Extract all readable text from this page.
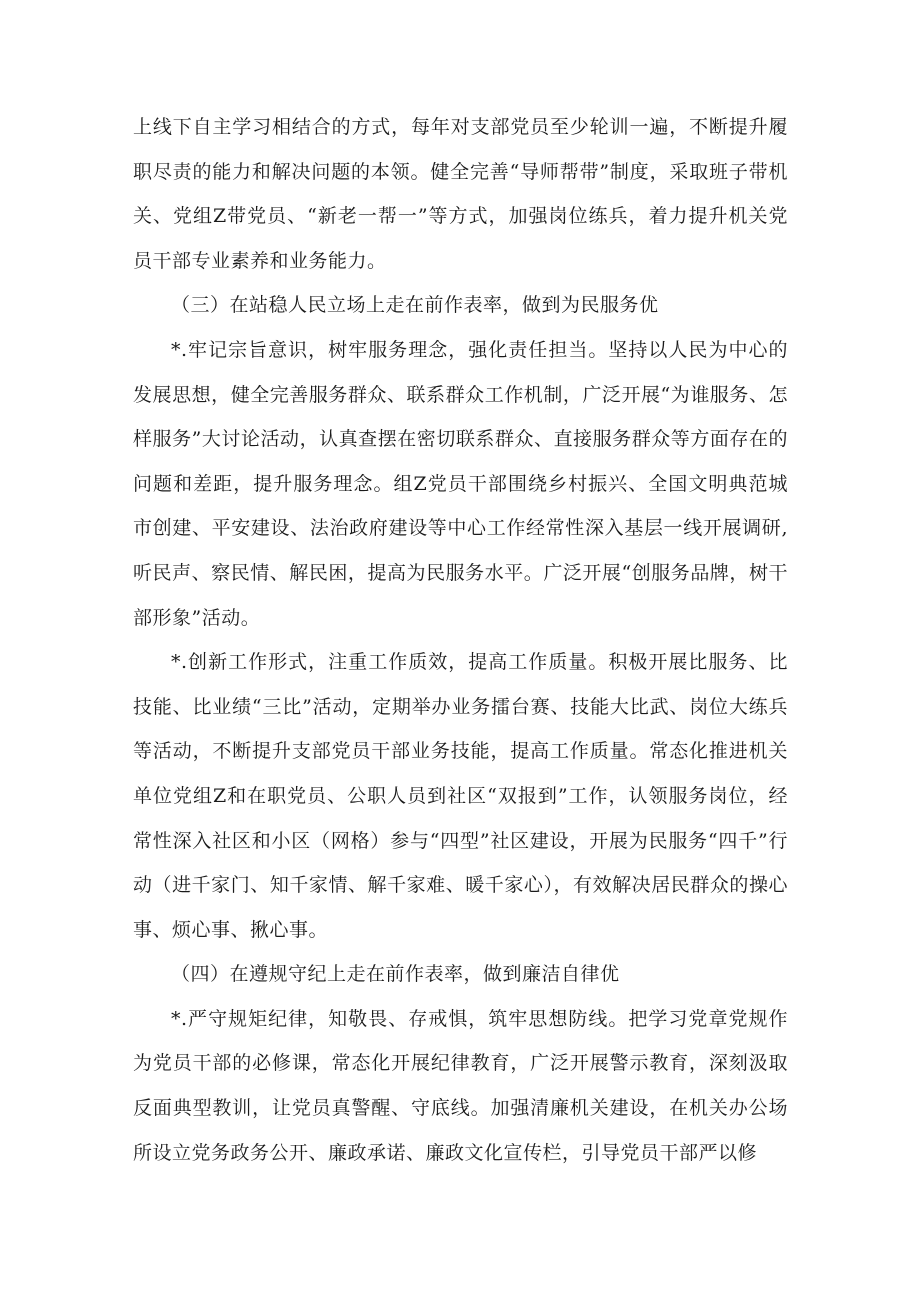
上线下自主学习相结合的方式，每年对支部党员至少轮训一遍，不断提升履职尽责的能力和解决问题的本领。健全完善“导师帮带”制度，采取班子带机关、党组Z带党员、“新老一帮一”等方式，加强岗位练兵，着力提升机关党员干部专业素养和业务能力。

（三）在站稳人民立场上走在前作表率，做到为民服务优

*.牢记宗旨意识，树牢服务理念，强化责任担当。坚持以人民为中心的发展思想，健全完善服务群众、联系群众工作机制，广泛开展“为谁服务、怎样服务”大讨论活动，认真查摆在密切联系群众、直接服务群众等方面存在的问题和差距，提升服务理念。组Z党员干部围绕乡村振兴、全国文明典范城市创建、平安建设、法治政府建设等中心工作经常性深入基层一线开展调研,听民声、察民情、解民困，提高为民服务水平。广泛开展“创服务品牌，树干部形象”活动。

*.创新工作形式，注重工作质效，提高工作质量。积极开展比服务、比技能、比业绩“三比”活动，定期举办业务擂台赛、技能大比武、岗位大练兵等活动，不断提升支部党员干部业务技能，提高工作质量。常态化推进机关单位党组Z和在职党员、公职人员到社区“双报到”工作，认领服务岗位，经常性深入社区和小区（网格）参与“四型”社区建设，开展为民服务“四千”行动（进千家门、知千家情、解千家难、暖千家心），有效解决居民群众的操心事、烦心事、揪心事。

（四）在遵规守纪上走在前作表率，做到廉洁自律优

*.严守规矩纪律，知敬畏、存戒惧，筑牢思想防线。把学习党章党规作为党员干部的必修课，常态化开展纪律教育，广泛开展警示教育，深刻汲取反面典型教训，让党员真警醒、守底线。加强清廉机关建设，在机关办公场所设立党务政务公开、廉政承诺、廉政文化宣传栏，引导党员干部严以修
